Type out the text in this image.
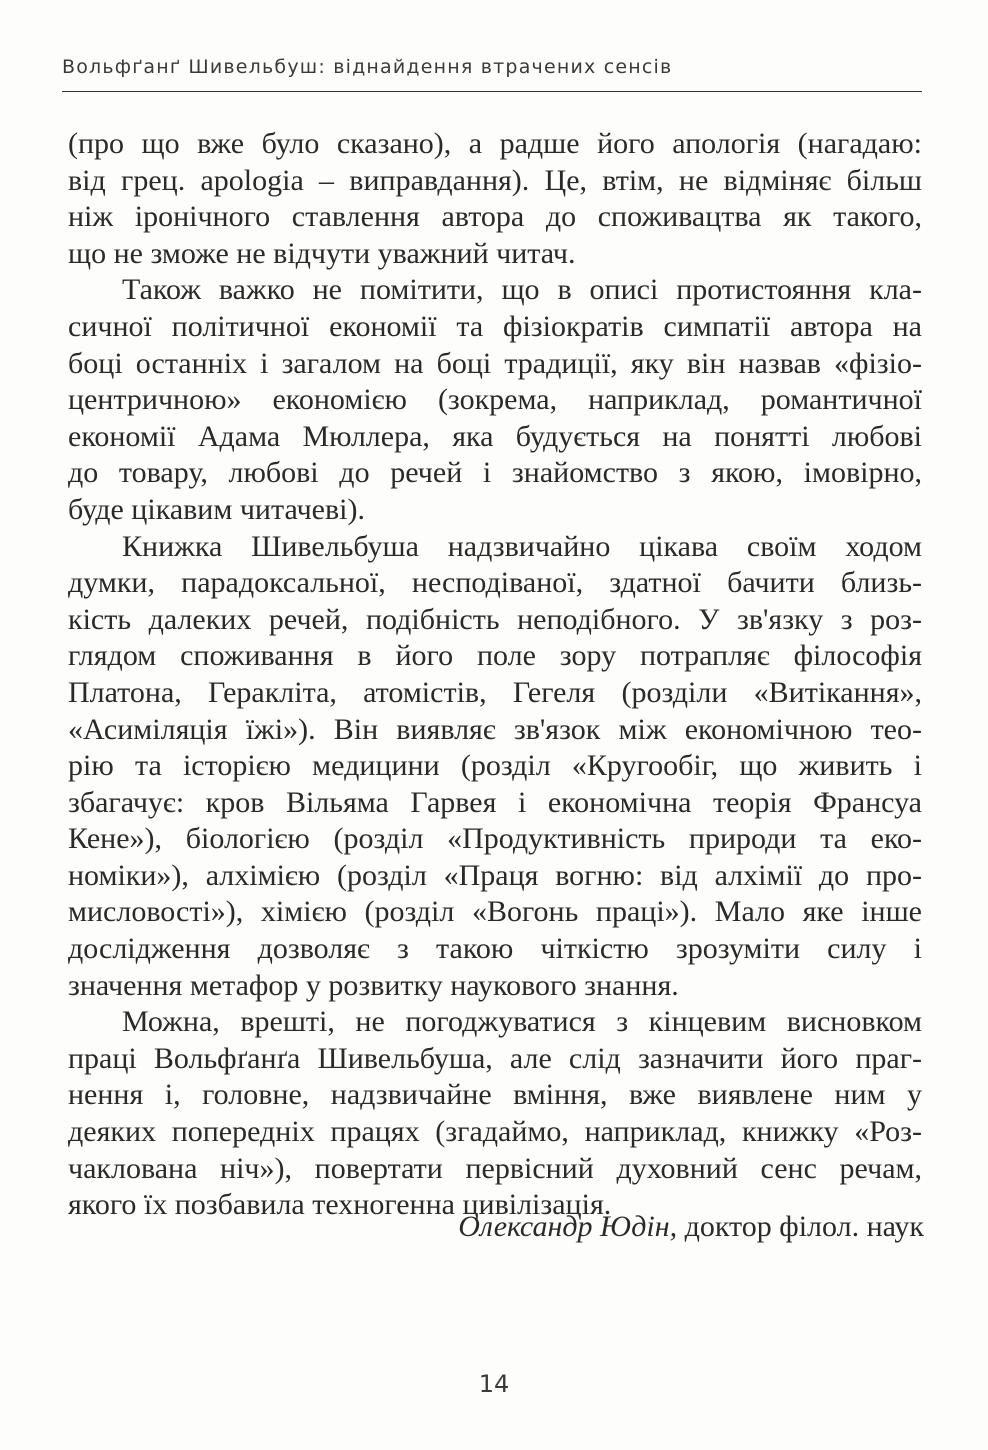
Вольфґанґ Шивельбуш: віднайдення втрачених сенсів
(про що вже було сказано), а радше його апологія (нагадаю:
від грец. apologia – виправдання). Це, втім, не відміняє більш
ніж іронічного ставлення автора до споживацтва як такого,
що не зможе не відчути уважний читач.
Також важко не помітити, що в описі протистояння кла-
сичної політичної економії та фізіократів симпатії автора на
боці останніх і загалом на боці традиції, яку він назвав «фізіо-
центричною» економією (зокрема, наприклад, романтичної
економії Адама Мюллера, яка будується на понятті любові
до товару, любові до речей і знайомство з якою, імовірно,
буде цікавим читачеві).
Книжка Шивельбуша надзвичайно цікава своїм ходом
думки, парадоксальної, несподіваної, здатної бачити близь-
кість далеких речей, подібність неподібного. У зв'язку з роз-
глядом споживання в його поле зору потрапляє філософія
Платона, Геракліта, атомістів, Гегеля (розділи «Витікання»,
«Асиміляція їжі»). Він виявляє зв'язок між економічною тео-
рію та історією медицини (розділ «Кругообіг, що живить і
збагачує: кров Вільяма Гарвея і економічна теорія Франсуа
Кене»), біологією (розділ «Продуктивність природи та еко-
номіки»), алхімією (розділ «Праця вогню: від алхімії до про-
мисловості»), хімією (розділ «Вогонь праці»). Мало яке інше
дослідження дозволяє з такою чіткістю зрозуміти силу і
значення метафор у розвитку наукового знання.
Можна, врешті, не погоджуватися з кінцевим висновком
праці Вольфґанґа Шивельбуша, але слід зазначити його праг-
нення і, головне, надзвичайне вміння, вже виявлене ним у
деяких попередніх працях (згадаймо, наприклад, книжку «Роз-
чаклована ніч»), повертати первісний духовний сенс речам,
якого їх позбавила техногенна цивілізація.
Олександр Юдін, доктор філол. наук
14
